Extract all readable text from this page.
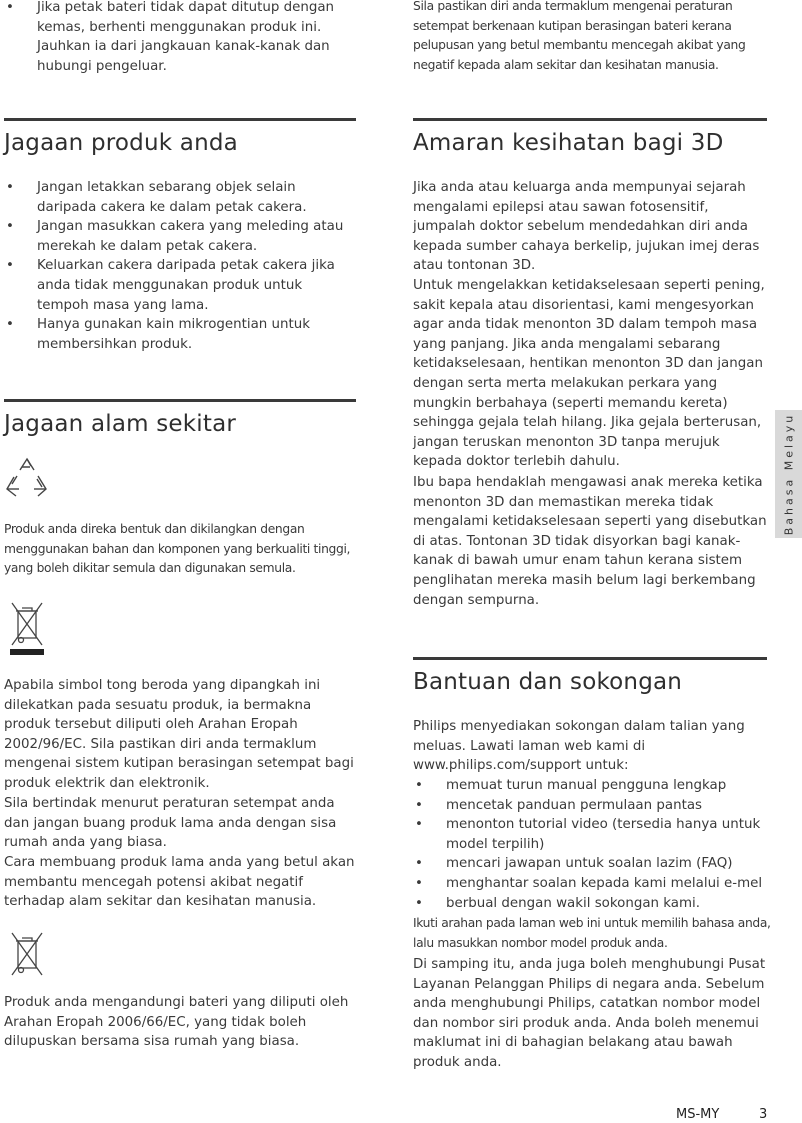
• Jika petak bateri tidak dapat ditutup dengan kemas, berhenti menggunakan produk ini. Jauhkan ia dari jangkauan kanak-kanak dan hubungi pengeluar.
Jagaan produk anda
• Jangan letakkan sebarang objek selain daripada cakera ke dalam petak cakera.
• Jangan masukkan cakera yang meleding atau merekah ke dalam petak cakera.
• Keluarkan cakera daripada petak cakera jika anda tidak menggunakan produk untuk tempoh masa yang lama.
• Hanya gunakan kain mikrogentian untuk membersihkan produk.
Jagaan alam sekitar

Produk anda direka bentuk dan dikilangkan dengan menggunakan bahan dan komponen yang berkualiti tinggi, yang boleh dikitar semula dan digunakan semula.

Apabila simbol tong beroda yang dipangkah ini dilekatkan pada sesuatu produk, ia bermakna produk tersebut diliputi oleh Arahan Eropah 2002/96/EC. Sila pastikan diri anda termaklum mengenai sistem kutipan berasingan setempat bagi produk elektrik dan elektronik.

Sila bertindak menurut peraturan setempat anda dan jangan buang produk lama anda dengan sisa rumah anda yang biasa.

Cara membuang produk lama anda yang betul akan membantu mencegah potensi akibat negatif terhadap alam sekitar dan kesihatan manusia.

Produk anda mengandungi bateri yang diliputi oleh Arahan Eropah 2006/66/EC, yang tidak boleh dilupuskan bersama sisa rumah yang biasa.

Sila pastikan diri anda termaklum mengenai peraturan setempat berkenaan kutipan berasingan bateri kerana pelupusan yang betul membantu mencegah akibat yang negatif kepada alam sekitar dan kesihatan manusia.

Amaran kesihatan bagi 3D

Jika anda atau keluarga anda mempunyai sejarah mengalami epilepsi atau sawan fotosensitif, jumpalah doktor sebelum mendedahkan diri anda kepada sumber cahaya berkelip, jujukan imej deras atau tontonan 3D.

Untuk mengelakkan ketidakselesaan seperti pening, sakit kepala atau disorientasi, kami mengesyorkan agar anda tidak menonton 3D dalam tempoh masa yang panjang. Jika anda mengalami sebarang ketidakselesaan, hentikan menonton 3D dan jangan dengan serta merta melakukan perkara yang mungkin berbahaya (seperti memandu kereta) sehingga gejala telah hilang. Jika gejala berterusan, jangan teruskan menonton 3D tanpa merujuk kepada doktor terlebih dahulu.

Ibu bapa hendaklah mengawasi anak mereka ketika menonton 3D dan memastikan mereka tidak mengalami ketidakselesaan seperti yang disebutkan di atas. Tontonan 3D tidak disyorkan bagi kanak-kanak di bawah umur enam tahun kerana sistem penglihatan mereka masih belum lagi berkembang dengan sempurna.

Bantuan dan sokongan

Philips menyediakan sokongan dalam talian yang meluas. Lawati laman web kami di www.philips.com/support untuk:

• memuat turun manual pengguna lengkap
• mencetak panduan permulaan pantas
• menonton tutorial video (tersedia hanya untuk model terpilih)
• mencari jawapan untuk soalan lazim (FAQ)
• menghantar soalan kepada kami melalui e-mel
• berbual dengan wakil sokongan kami.

Ikuti arahan pada laman web ini untuk memilih bahasa anda, lalu masukkan nombor model produk anda.

Di samping itu, anda juga boleh menghubungi Pusat Layanan Pelanggan Philips di negara anda. Sebelum anda menghubungi Philips, catatkan nombor model dan nombor siri produk anda. Anda boleh menemui maklumat ini di bahagian belakang atau bawah produk anda.

Bahasa Melayu
MS-MY	3
